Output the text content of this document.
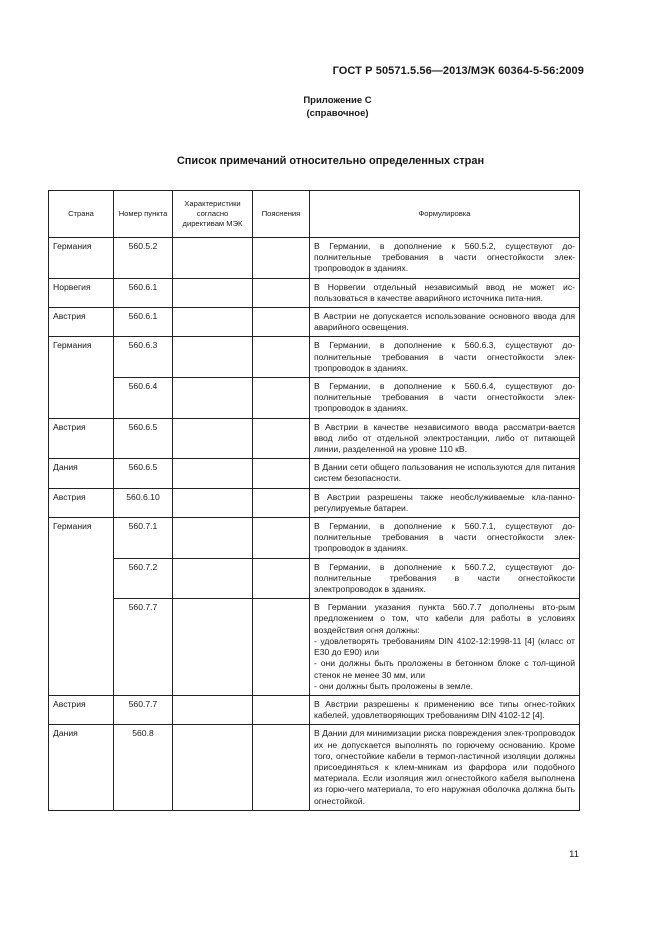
ГОСТ Р 50571.5.56—2013/МЭК 60364-5-56:2009
Приложение С
(справочное)
Список примечаний относительно определенных стран
Страна	Номер пункта	Характеристики согласно директивам МЭК	Пояснения	Формулировка
Германия	560.5.2			В Германии, в дополнение к 560.5.2, существуют до-полнительные требования в части огнестойкости элек-тропроводок в зданиях.
Норвегия	560.6.1			В Норвегии отдельный независимый ввод не может ис-пользоваться в качестве аварийного источника пита-ния.
Австрия	560.6.1			В Австрии не допускается использование основного ввода для аварийного освещения.
Германия	560.6.3			В Германии, в дополнение к 560.6.3, существуют до-полнительные требования в части огнестойкости элек-тропроводок в зданиях.
	560.6.4			В Германии, в дополнение к 560.6.4, существуют до-полнительные требования в части огнестойкости элек-тропроводок в зданиях.
Австрия	560.6.5			В Австрии в качестве независимого ввода рассматри-вается ввод либо от отдельной электростанции, либо от питающей линии, разделенной на уровне 110 кВ.
Дания	560.6.5			В Дании сети общего пользования не используются для питания систем безопасности.
Австрия	560.6.10			В Австрии разрешены также необслуживаемые кла-панно-регулируемые батареи.
Германия	560.7.1			В Германии, в дополнение к 560.7.1, существуют до-полнительные требования в части огнестойкости элек-тропроводок в зданиях.
	560.7.2			В Германии, в дополнение к 560.7.2, существуют до-полнительные требования в части огнестойкости электропроводок в зданиях.
	560.7.7			В Германии указания пункта 560.7.7 дополнены вто-рым предложением о том, что кабели для работы в условиях воздействия огня должны:
- удовлетворять требованиям DIN 4102-12:1998-11 [4] (класс от Е30 до Е90) или
- они должны быть проложены в бетонном блоке с тол-щиной стенок не менее 30 мм, или
- они должны быть проложены в земле.
Австрия	560.7.7			В Австрии разрешены к применению все типы огнес-тойких кабелей, удовлетворяющих требованиям DIN 4102-12 [4].
Дания	560.8			В Дании для минимизации риска повреждения элек-тропроводок их не допускается выполнять по горючему основанию. Кроме того, огнестойкие кабели в термоп-ластичной изоляции должны присоединяться к клем-мникам из фарфора или подобного материала. Если изоляция жил огнестойкого кабеля выполнена из горю-чего материала, то его наружная оболочка должна быть огнестойкой.
11
